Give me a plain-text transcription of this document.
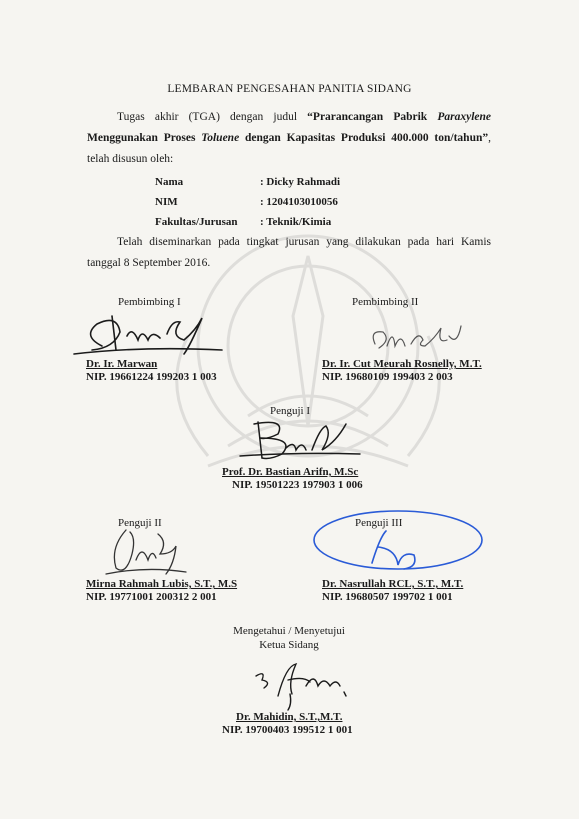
LEMBARAN PENGESAHAN PANITIA SIDANG
Tugas akhir (TGA) dengan judul “Prarancangan Pabrik Paraxylene Menggunakan Proses Toluene dengan Kapasitas Produksi 400.000 ton/tahun”, telah disusun oleh:
Nama	: Dicky Rahmadi
NIM	: 1204103010056
Fakultas/Jurusan	: Teknik/Kimia
Telah diseminarkan pada tingkat jurusan yang dilakukan pada hari Kamis tanggal 8 September 2016.
Pembimbing I
Dr. Ir. Marwan
NIP. 19661224 199203 1 003
Pembimbing II
Dr. Ir. Cut Meurah Rosnelly, M.T.
NIP. 19680109 199403 2 003
Penguji I
Prof. Dr. Bastian Arifn, M.Sc
NIP. 19501223 197903 1 006
Penguji II
Mirna Rahmah Lubis, S.T., M.S
NIP. 19771001 200312 2 001
Penguji III
Dr. Nasrullah RCL, S.T., M.T.
NIP. 19680507 199702 1 001
Mengetahui / Menyetujui
Ketua Sidang
Dr. Mahidin, S.T.,M.T.
NIP. 19700403 199512 1 001
